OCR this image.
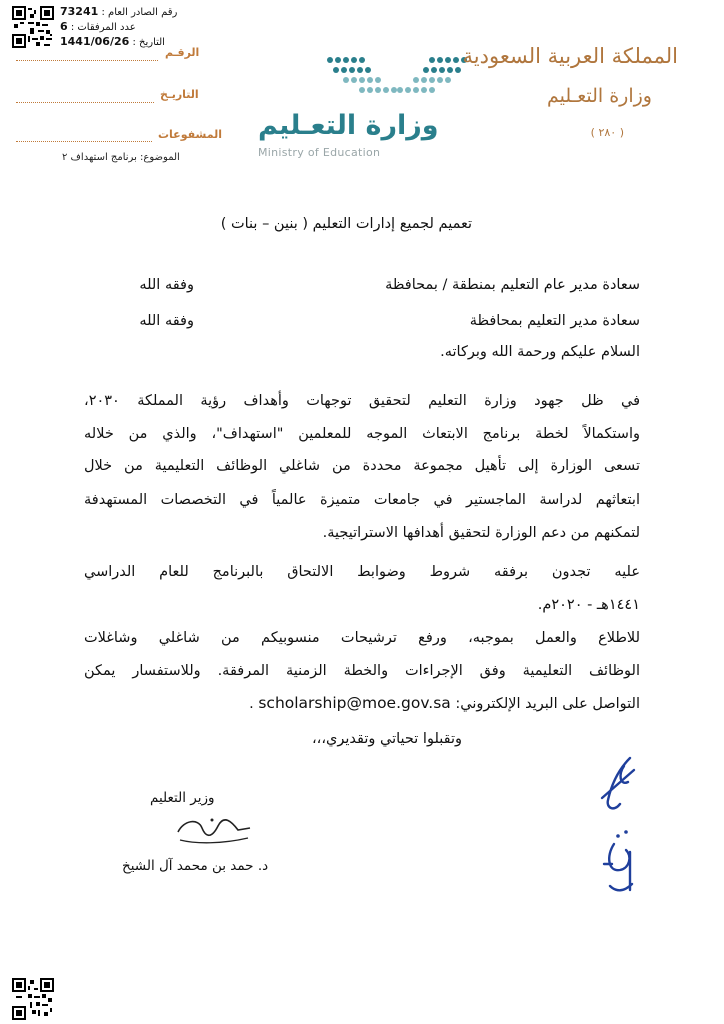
رقم الصادر العام : 73241
عدد المرفقات : 6
التاريخ : 1441/06/26
الرقـم
التاريـخ
المشفوعات
الموضوع: برنامج استهداف ٢
وزارة التعـليم
Ministry of Education
المملكة العربية السعودية
وزارة التعـليم
( ٢٨٠ )
تعميم لجميع إدارات التعليم ( بنين – بنات )
سعادة مدير عام التعليم بمنطقة / بمحافظة
وفقه الله
سعادة مدير التعليم بمحافظة
وفقه الله
السلام عليكم ورحمة الله وبركاته.
في ظل جهود وزارة التعليم لتحقيق توجهات وأهداف رؤية المملكة ٢٠٣٠،
واستكمالاً لخطة برنامج الابتعاث الموجه للمعلمين "استهداف"، والذي من خلاله
تسعى الوزارة إلى تأهيل مجموعة محددة من شاغلي الوظائف التعليمية من خلال
ابتعاثهم لدراسة الماجستير في جامعات متميزة عالمياً في التخصصات المستهدفة
لتمكنهم من دعم الوزارة لتحقيق أهدافها الاستراتيجية.
عليه تجدون برفقه شروط وضوابط الالتحاق بالبرنامج للعام الدراسي
١٤٤١هـ - ٢٠٢٠م.
للاطلاع والعمل بموجبه، ورفع ترشيحات منسوبيكم من شاغلي وشاغلات
الوظائف التعليمية وفق الإجراءات والخطة الزمنية المرفقة. وللاستفسار يمكن
التواصل على البريد الإلكتروني: scholarship@moe.gov.sa .
وتقبلوا تحياتي وتقديري،،،
وزير التعليم
د. حمد بن محمد آل الشيخ
